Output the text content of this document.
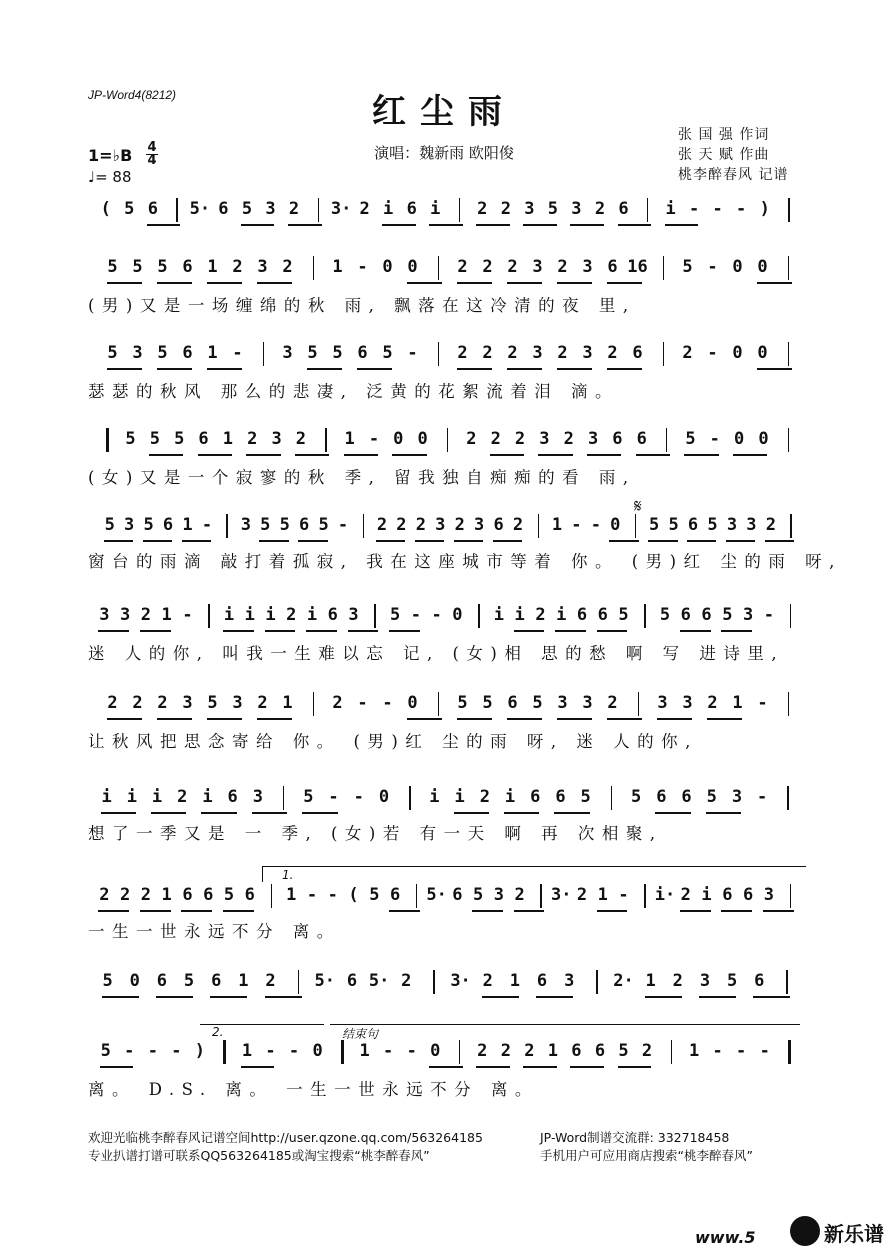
JP-Word4(8212)	红尘雨
演唱：魏新雨 欧阳俊
张 国 强 作词
张 天 赋 作曲
桃李醉春风 记谱
1=♭B 4
4
♩= 88
( 5 6 5· 6 5 3 2 3· 2 i 6 i 2 2 3 5 3 2 6 i - - - )
5 5 5 6 1 2 3 2 1 - 0 0 2 2 2 3 2 3 6 16 5 - 0 0
(男)又是一场缠绵的秋 雨, 飘落在这冷清的夜 里,
5 3 5 6 1 - 3 5 5 6 5 - 2 2 2 3 2 3 2 6 2 - 0 0
瑟瑟的秋风 那么的悲凄, 泛黄的花絮流着泪 滴。
5 5 5 6 1 2 3 2 1 - 0 0 2 2 2 3 2 3 6 6 5 - 0 0
(女)又是一个寂寥的秋 季, 留我独自痴痴的看 雨,
5 3 5 6 1 - 3 5 5 6 5 - 2 2 2 3 2 3 6 2 1 - - 0 5 5 6 5 3 3 2
窗台的雨滴 敲打着孤寂, 我在这座城市等着 你。 (男)红 尘的雨 呀,
3 3 2 1 - i i i 2 i 6 3 5 - - 0 i i 2 i 6 6 5 5 6 6 5 3 -
迷 人的你, 叫我一生难以忘 记, (女)相 思的愁 啊 写 进诗里,
2 2 2 3 5 3 2 1 2 - - 0 5 5 6 5 3 3 2 3 3 2 1 -
让秋风把思念寄给 你。 (男)红 尘的雨 呀, 迷 人的你,
i i i 2 i 6 3 5 - - 0 i i 2 i 6 6 5 5 6 6 5 3 -
想了一季又是 一 季, (女)若 有一天 啊 再 次相聚,
2 2 2 1 6 6 5 6 1 - - ( 5 6 5· 6 5 3 2 3· 2 1 - i· 2 i 6 6 3
一生一世永远不分 离。
5 0 6 5 6 1 2 5· 6 5· 2 3· 2 1 6 3 2· 1 2 3 5 6
5 - - - ) 1 - - 0 1 - - 0 2 2 2 1 6 6 5 2 1 - - -
离。 D.S. 离。 一生一世永远不分 离。
1.
2.	结束句
𝄋
欢迎光临桃李醉春风记谱空间http://user.qzone.qq.com/563264185	JP-Word制谱交流群: 332718458
专业扒谱打谱可联系QQ563264185或淘宝搜索“桃李醉春风”	手机用户可应用商店搜索“桃李醉春风”
www.5	新乐谱
